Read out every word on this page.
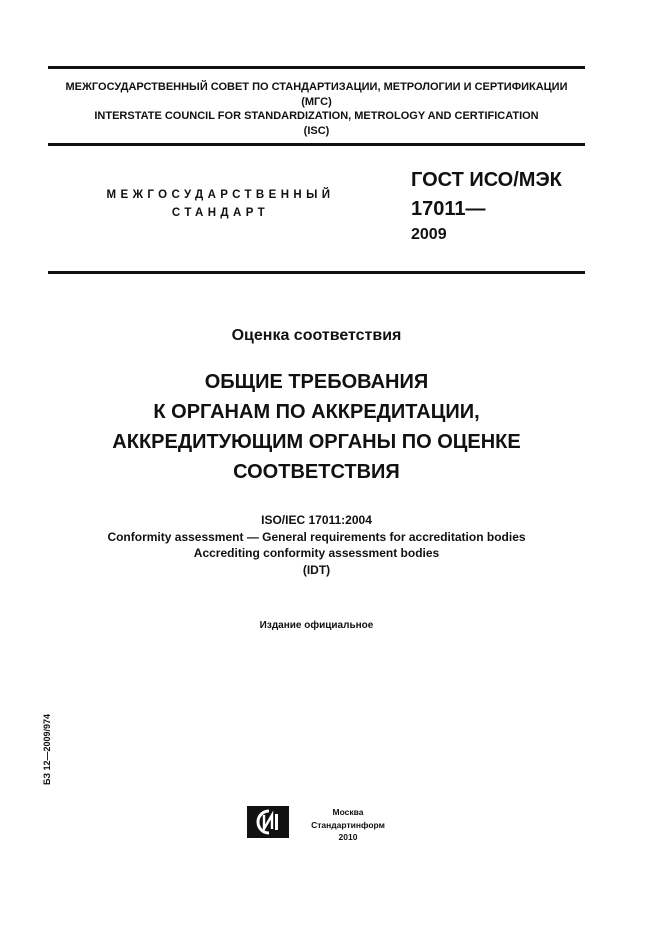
МЕЖГОСУДАРСТВЕННЫЙ СОВЕТ ПО СТАНДАРТИЗАЦИИ, МЕТРОЛОГИИ И СЕРТИФИКАЦИИ
(МГС)
INTERSTATE COUNCIL FOR STANDARDIZATION, METROLOGY AND CERTIFICATION
(ISC)
МЕЖГОСУДАРСТВЕННЫЙ
СТАНДАРТ
ГОСТ ИСО/МЭК
17011—
2009
Оценка соответствия
ОБЩИЕ ТРЕБОВАНИЯ
К ОРГАНАМ ПО АККРЕДИТАЦИИ,
АККРЕДИТУЮЩИМ ОРГАНЫ ПО ОЦЕНКЕ
СООТВЕТСТВИЯ
ISO/IEC 17011:2004
Conformity assessment — General requirements for accreditation bodies
Accrediting conformity assessment bodies
(IDT)
Издание официальное
БЗ 12—2009/974
Москва
Стандартинформ
2010
